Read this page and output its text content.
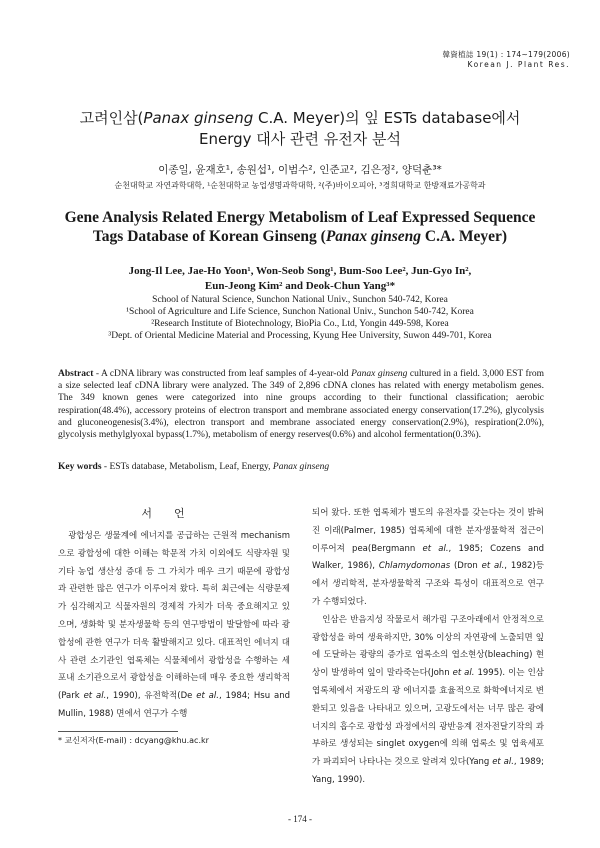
韓資植誌 19(1) : 174~179(2006)
Korean J. Plant Res.
고려인삼(Panax ginseng C.A. Meyer)의 잎 ESTs database에서
Energy 대사 관련 유전자 분석
이종일, 윤재호¹, 송원섭¹, 이범수², 인준교², 김은정², 양덕춘³*
순천대학교 자연과학대학, ¹순천대학교 농업생명과학대학, ²(주)바이오피아, ³경희대학교 한방재료가공학과
Gene Analysis Related Energy Metabolism of Leaf Expressed Sequence
Tags Database of Korean Ginseng (Panax ginseng C.A. Meyer)
Jong-Il Lee, Jae-Ho Yoon¹, Won-Seob Song¹, Bum-Soo Lee², Jun-Gyo In²,
Eun-Jeong Kim² and Deok-Chun Yang³*
School of Natural Science, Sunchon National Univ., Sunchon 540-742, Korea
¹School of Agriculture and Life Science, Sunchon National Univ., Sunchon 540-742, Korea
²Research Institute of Biotechnology, BioPia Co., Ltd, Yongin 449-598, Korea
³Dept. of Oriental Medicine Material and Processing, Kyung Hee University, Suwon 449-701, Korea
Abstract - A cDNA library was constructed from leaf samples of 4-year-old Panax ginseng cultured in a field. 3,000 EST from a size selected leaf cDNA library were analyzed. The 349 of 2,896 cDNA clones has related with energy metabolism genes. The 349 known genes were categorized into nine groups according to their functional classification; aerobic respiration(48.4%), accessory proteins of electron transport and membrane associated energy conservation(17.2%), glycolysis and gluconeogenesis(3.4%), electron transport and membrane associated energy conservation(2.9%), respiration(2.0%), glycolysis methylglyoxal bypass(1.7%), metabolism of energy reserves(0.6%) and alcohol fermentation(0.3%).
Key words - ESTs database, Metabolism, Leaf, Energy, Panax ginseng
서언

광합성은 생물계에 에너지를 공급하는 근원적 mechanism으로 광합성에 대한 이해는 학문적 가치 이외에도 식량자원 및 기타 농업 생산성 증대 등 그 가치가 매우 크기 때문에 광합성과 관련한 많은 연구가 이루어져 왔다. 특히 최근에는 식량문제가 심각해지고 식물자원의 경제적 가치가 더욱 중요해지고 있으며, 생화학 및 분자생물학 등의 연구방법이 발달함에 따라 광합성에 관한 연구가 더욱 활발해지고 있다. 대표적인 에너지 대사 관련 소기관인 엽록체는 식물체에서 광합성을 수행하는 세포내 소기관으로서 광합성을 이해하는데 매우 중요한 생리학적(Park et al., 1990), 유전학적(De et al., 1984; Hsu and Mullin, 1988) 면에서 연구가 수행

되어 왔다. 또한 엽록체가 별도의 유전자를 갖는다는 것이 밝혀진 이래(Palmer, 1985) 엽록체에 대한 분자생물학적 접근이 이루어져 pea(Bergmann et al., 1985; Cozens and Walker, 1986), Chlamydomonas (Dron et al., 1982)등에서 생리학적, 분자생물학적 구조와 특성이 대표적으로 연구가 수행되었다.

인삼은 반음지성 작물로서 해가림 구조아래에서 안정적으로 광합성을 하여 생육하지만, 30% 이상의 자연광에 노출되면 잎에 도달하는 광량의 증가로 엽록소의 엽소현상(bleaching) 현상이 발생하여 잎이 말라죽는다(John et al. 1995). 이는 인삼 엽록체에서 저광도의 광 에너지를 효율적으로 화학에너지로 변환되고 있음을 나타내고 있으며, 고광도에서는 너무 많은 광에너지의 흡수로 광합성 과정에서의 광반응계 전자전달기작의 과부하로 생성되는 singlet oxygen에 의해 엽록소 및 엽육세포가 파괴되어 나타나는 것으로 알려져 있다(Yang et al., 1989; Yang, 1990).

* 교신저자(E-mail) : dcyang@khu.ac.kr
- 174 -
